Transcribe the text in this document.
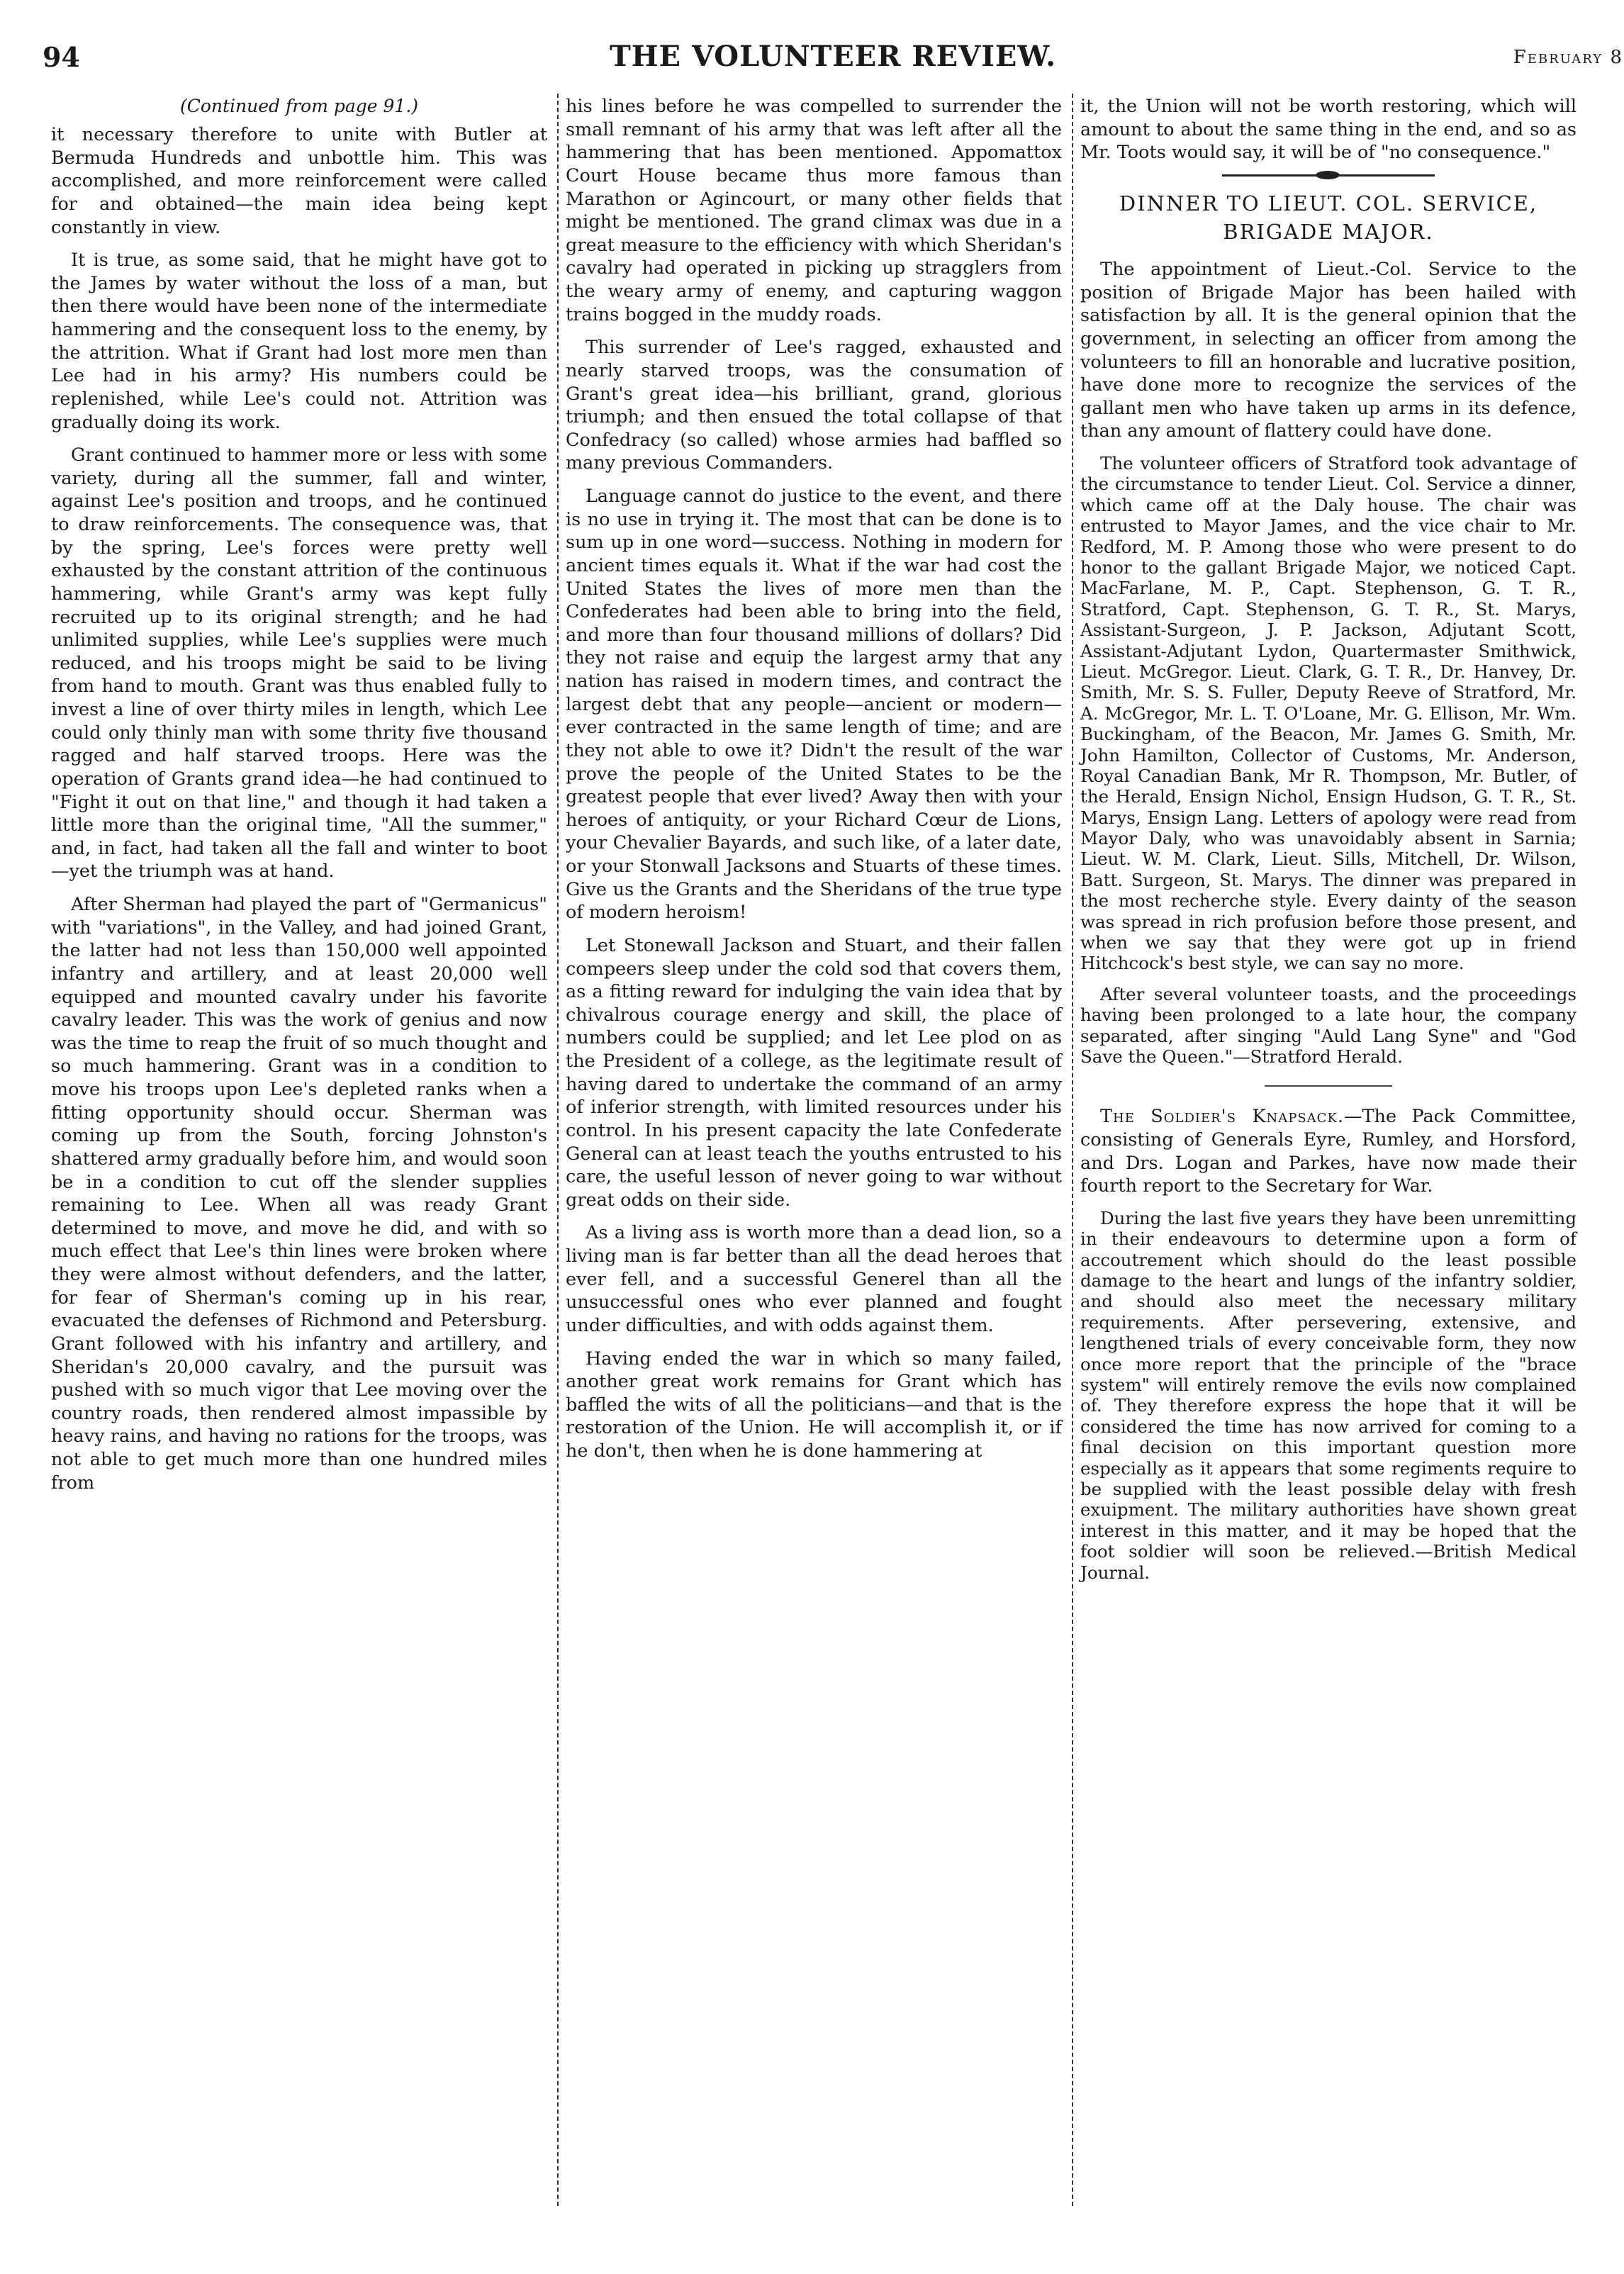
94	THE VOLUNTEER REVIEW.	February 8
(Continued from page 91.)

it necessary therefore to unite with Butler at Bermuda Hundreds and unbottle him. This was accomplished, and more reinforcement were called for and obtained—the main idea being kept constantly in view.

It is true, as some said, that he might have got to the James by water without the loss of a man, but then there would have been none of the intermediate hammering and the consequent loss to the enemy, by the attrition. What if Grant had lost more men than Lee had in his army? His numbers could be replenished, while Lee's could not. Attrition was gradually doing its work.

Grant continued to hammer more or less with some variety, during all the summer, fall and winter, against Lee's position and troops, and he continued to draw reinforcements. The consequence was, that by the spring, Lee's forces were pretty well exhausted by the constant attrition of the continuous hammering, while Grant's army was kept fully recruited up to its original strength; and he had unlimited supplies, while Lee's supplies were much reduced, and his troops might be said to be living from hand to mouth. Grant was thus enabled fully to invest a line of over thirty miles in length, which Lee could only thinly man with some thrity five thousand ragged and half starved troops. Here was the operation of Grants grand idea—he had continued to "Fight it out on that line," and though it had taken a little more than the original time, "All the summer," and, in fact, had taken all the fall and winter to boot—yet the triumph was at hand.

After Sherman had played the part of "Germanicus" with "variations", in the Valley, and had joined Grant, the latter had not less than 150,000 well appointed infantry and artillery, and at least 20,000 well equipped and mounted cavalry under his favorite cavalry leader. This was the work of genius and now was the time to reap the fruit of so much thought and so much hammering. Grant was in a condition to move his troops upon Lee's depleted ranks when a fitting opportunity should occur. Sherman was coming up from the South, forcing Johnston's shattered army gradually before him, and would soon be in a condition to cut off the slender supplies remaining to Lee. When all was ready Grant determined to move, and move he did, and with so much effect that Lee's thin lines were broken where they were almost without defenders, and the latter, for fear of Sherman's coming up in his rear, evacuated the defenses of Richmond and Petersburg. Grant followed with his infantry and artillery, and Sheridan's 20,000 cavalry, and the pursuit was pushed with so much vigor that Lee moving over the country roads, then rendered almost impassible by heavy rains, and having no rations for the troops, was not able to get much more than one hundred miles from

his lines before he was compelled to surrender the small remnant of his army that was left after all the hammering that has been mentioned. Appomattox Court House became thus more famous than Marathon or Agincourt, or many other fields that might be mentioned. The grand climax was due in a great measure to the efficiency with which Sheridan's cavalry had operated in picking up stragglers from the weary army of enemy, and capturing waggon trains bogged in the muddy roads.

This surrender of Lee's ragged, exhausted and nearly starved troops, was the consumation of Grant's great idea—his brilliant, grand, glorious triumph; and then ensued the total collapse of that Confedracy (so called) whose armies had baffled so many previous Commanders.

Language cannot do justice to the event, and there is no use in trying it. The most that can be done is to sum up in one word—success. Nothing in modern for ancient times equals it. What if the war had cost the United States the lives of more men than the Confederates had been able to bring into the field, and more than four thousand millions of dollars? Did they not raise and equip the largest army that any nation has raised in modern times, and contract the largest debt that any people—ancient or modern—ever contracted in the same length of time; and are they not able to owe it? Didn't the result of the war prove the people of the United States to be the greatest people that ever lived? Away then with your heroes of antiquity, or your Richard Cœur de Lions, your Chevalier Bayards, and such like, of a later date, or your Stonwall Jacksons and Stuarts of these times. Give us the Grants and the Sheridans of the true type of modern heroism!

Let Stonewall Jackson and Stuart, and their fallen compeers sleep under the cold sod that covers them, as a fitting reward for indulging the vain idea that by chivalrous courage energy and skill, the place of numbers could be supplied; and let Lee plod on as the President of a college, as the legitimate result of having dared to undertake the command of an army of inferior strength, with limited resources under his control. In his present capacity the late Confederate General can at least teach the youths entrusted to his care, the useful lesson of never going to war without great odds on their side.

As a living ass is worth more than a dead lion, so a living man is far better than all the dead heroes that ever fell, and a successful Generel than all the unsuccessful ones who ever planned and fought under difficulties, and with odds against them.

Having ended the war in which so many failed, another great work remains for Grant which has baffled the wits of all the politicians—and that is the restoration of the Union. He will accomplish it, or if he don't, then when he is done hammering at

it, the Union will not be worth restoring, which will amount to about the same thing in the end, and so as Mr. Toots would say, it will be of "no consequence."

DINNER TO LIEUT. COL. SERVICE, BRIGADE MAJOR.

The appointment of Lieut.-Col. Service to the position of Brigade Major has been hailed with satisfaction by all. It is the general opinion that the government, in selecting an officer from among the volunteers to fill an honorable and lucrative position, have done more to recognize the services of the gallant men who have taken up arms in its defence, than any amount of flattery could have done.

The volunteer officers of Stratford took advantage of the circumstance to tender Lieut. Col. Service a dinner, which came off at the Daly house. The chair was entrusted to Mayor James, and the vice chair to Mr. Redford, M. P. Among those who were present to do honor to the gallant Brigade Major, we noticed Capt. MacFarlane, M. P., Capt. Stephenson, G. T. R., Stratford, Capt. Stephenson, G. T. R., St. Marys, Assistant-Surgeon, J. P. Jackson, Adjutant Scott, Assistant-Adjutant Lydon, Quartermaster Smithwick, Lieut. McGregor. Lieut. Clark, G. T. R., Dr. Hanvey, Dr. Smith, Mr. S. S. Fuller, Deputy Reeve of Stratford, Mr. A. McGregor, Mr. L. T. O'Loane, Mr. G. Ellison, Mr. Wm. Buckingham, of the Beacon, Mr. James G. Smith, Mr. John Hamilton, Collector of Customs, Mr. Anderson, Royal Canadian Bank, Mr R. Thompson, Mr. Butler, of the Herald, Ensign Nichol, Ensign Hudson, G. T. R., St. Marys, Ensign Lang. Letters of apology were read from Mayor Daly, who was unavoidably absent in Sarnia; Lieut. W. M. Clark, Lieut. Sills, Mitchell, Dr. Wilson, Batt. Surgeon, St. Marys. The dinner was prepared in the most recherche style. Every dainty of the season was spread in rich profusion before those present, and when we say that they were got up in friend Hitchcock's best style, we can say no more.

After several volunteer toasts, and the proceedings having been prolonged to a late hour, the company separated, after singing "Auld Lang Syne" and "God Save the Queen."—Stratford Herald.

The Soldier's Knapsack.—The Pack Committee, consisting of Generals Eyre, Rumley, and Horsford, and Drs. Logan and Parkes, have now made their fourth report to the Secretary for War.

During the last five years they have been unremitting in their endeavours to determine upon a form of accoutrement which should do the least possible damage to the heart and lungs of the infantry soldier, and should also meet the necessary military requirements. After persevering, extensive, and lengthened trials of every conceivable form, they now once more report that the principle of the "brace system" will entirely remove the evils now complained of. They therefore express the hope that it will be considered the time has now arrived for coming to a final decision on this important question more especially as it appears that some regiments require to be supplied with the least possible delay with fresh exuipment. The military authorities have shown great interest in this matter, and it may be hoped that the foot soldier will soon be relieved.—British Medical Journal.
